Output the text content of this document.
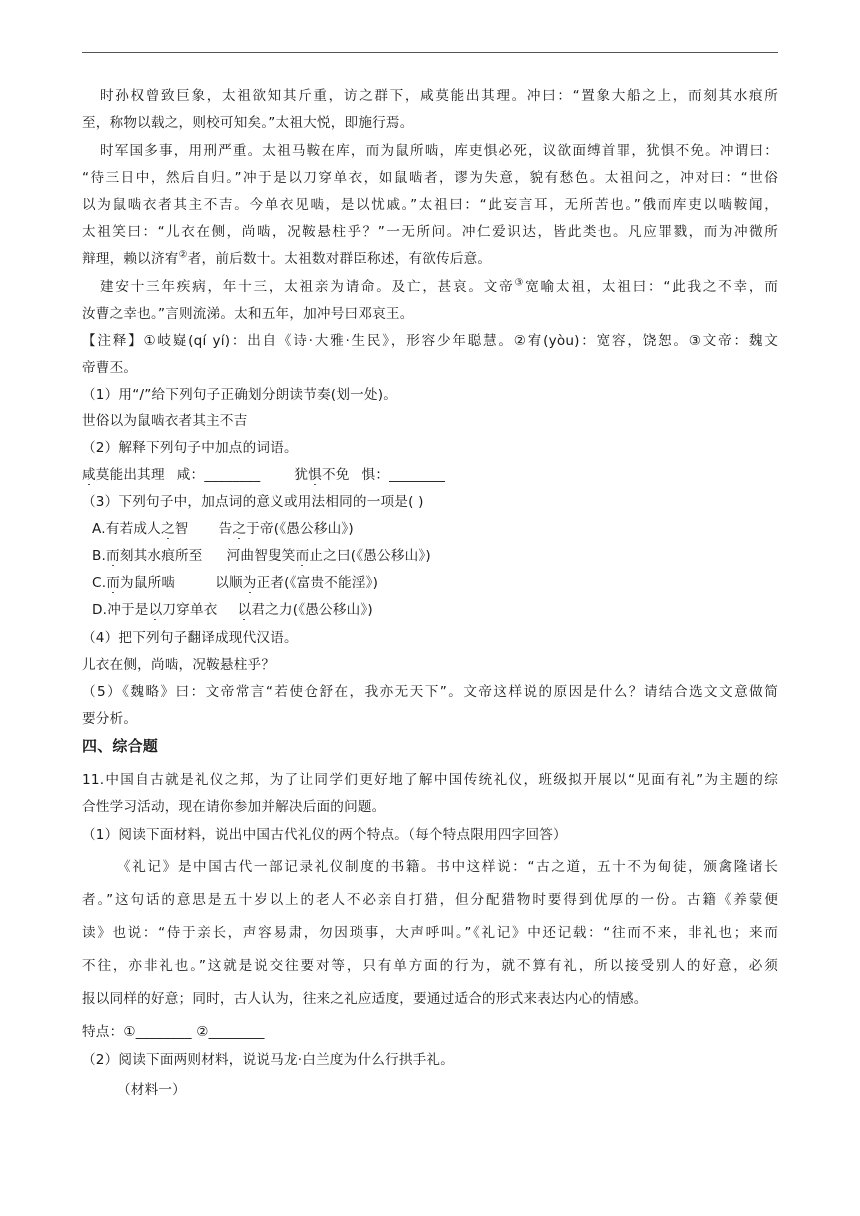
时孙权曾致巨象，太祖欲知其斤重，访之群下，咸莫能出其理。冲曰：“置象大船之上，而刻其水痕所
至，称物以载之，则校可知矣。”太祖大悦，即施行焉。
时军国多事，用刑严重。太祖马鞍在库，而为鼠所啮，库吏惧必死，议欲面缚首罪，犹惧不免。冲谓曰：
“待三日中，然后自归。”冲于是以刀穿单衣，如鼠啮者，谬为失意，貌有愁色。太祖问之，冲对曰：“世俗
以为鼠啮衣者其主不吉。今单衣见啮，是以忧戚。”太祖曰：“此妄言耳，无所苦也。”俄而库吏以啮鞍闻，
太祖笑曰：“儿衣在侧，尚啮，况鞍悬柱乎？”一无所问。冲仁爱识达，皆此类也。凡应罪戮，而为冲微所
辩理，赖以济宥②者，前后数十。太祖数对群臣称述，有欲传后意。
建安十三年疾病，年十三，太祖亲为请命。及亡，甚哀。文帝③宽喻太祖，太祖曰：“此我之不幸，而
汝曹之幸也。”言则流涕。太和五年，加冲号曰邓哀王。
【注释】①岐嶷(qí yí)：出自《诗·大雅·生民》，形容少年聪慧。②宥(yòu)：宽容，饶恕。③文帝：魏文
帝曹丕。
（1）用“/”给下列句子正确划分朗读节奏(划一处)。
世俗以为鼠啮衣者其主不吉
（2）解释下列句子中加点的词语。
咸莫能出其理 咸：________	犹惧不免 惧：________
（3）下列句子中，加点词的意义或用法相同的一项是( )
A.有若成人之智 告之于帝(《愚公移山》)
B.而刻其水痕所至 河曲智叟笑而止之曰(《愚公移山》)
C.而为鼠所啮	以顺为正者(《富贵不能淫》)
D.冲于是以刀穿单衣 以君之力(《愚公移山》)
（4）把下列句子翻译成现代汉语。
儿衣在侧，尚啮，况鞍悬柱乎？
（5）《魏略》曰：文帝常言“若使仓舒在，我亦无天下”。文帝这样说的原因是什么？请结合选文文意做简
要分析。
四、综合题
11.中国自古就是礼仪之邦，为了让同学们更好地了解中国传统礼仪，班级拟开展以“见面有礼”为主题的综
合性学习活动，现在请你参加并解决后面的问题。
（1）阅读下面材料，说出中国古代礼仪的两个特点。（每个特点限用四字回答）
《礼记》是中国古代一部记录礼仪制度的书籍。书中这样说：“古之道，五十不为甸徒，颁禽隆诸长
者。”这句话的意思是五十岁以上的老人不必亲自打猎，但分配猎物时要得到优厚的一份。古籍《养蒙便
读》也说：“侍于亲长，声容易肃，勿因琐事，大声呼叫。”《礼记》中还记载：“往而不来，非礼也；来而
不往，亦非礼也。”这就是说交往要对等，只有单方面的行为，就不算有礼，所以接受别人的好意，必须
报以同样的好意；同时，古人认为，往来之礼应适度，要通过适合的形式来表达内心的情感。
特点：①________ ②________
（2）阅读下面两则材料，说说马龙·白兰度为什么行拱手礼。
（材料一）
